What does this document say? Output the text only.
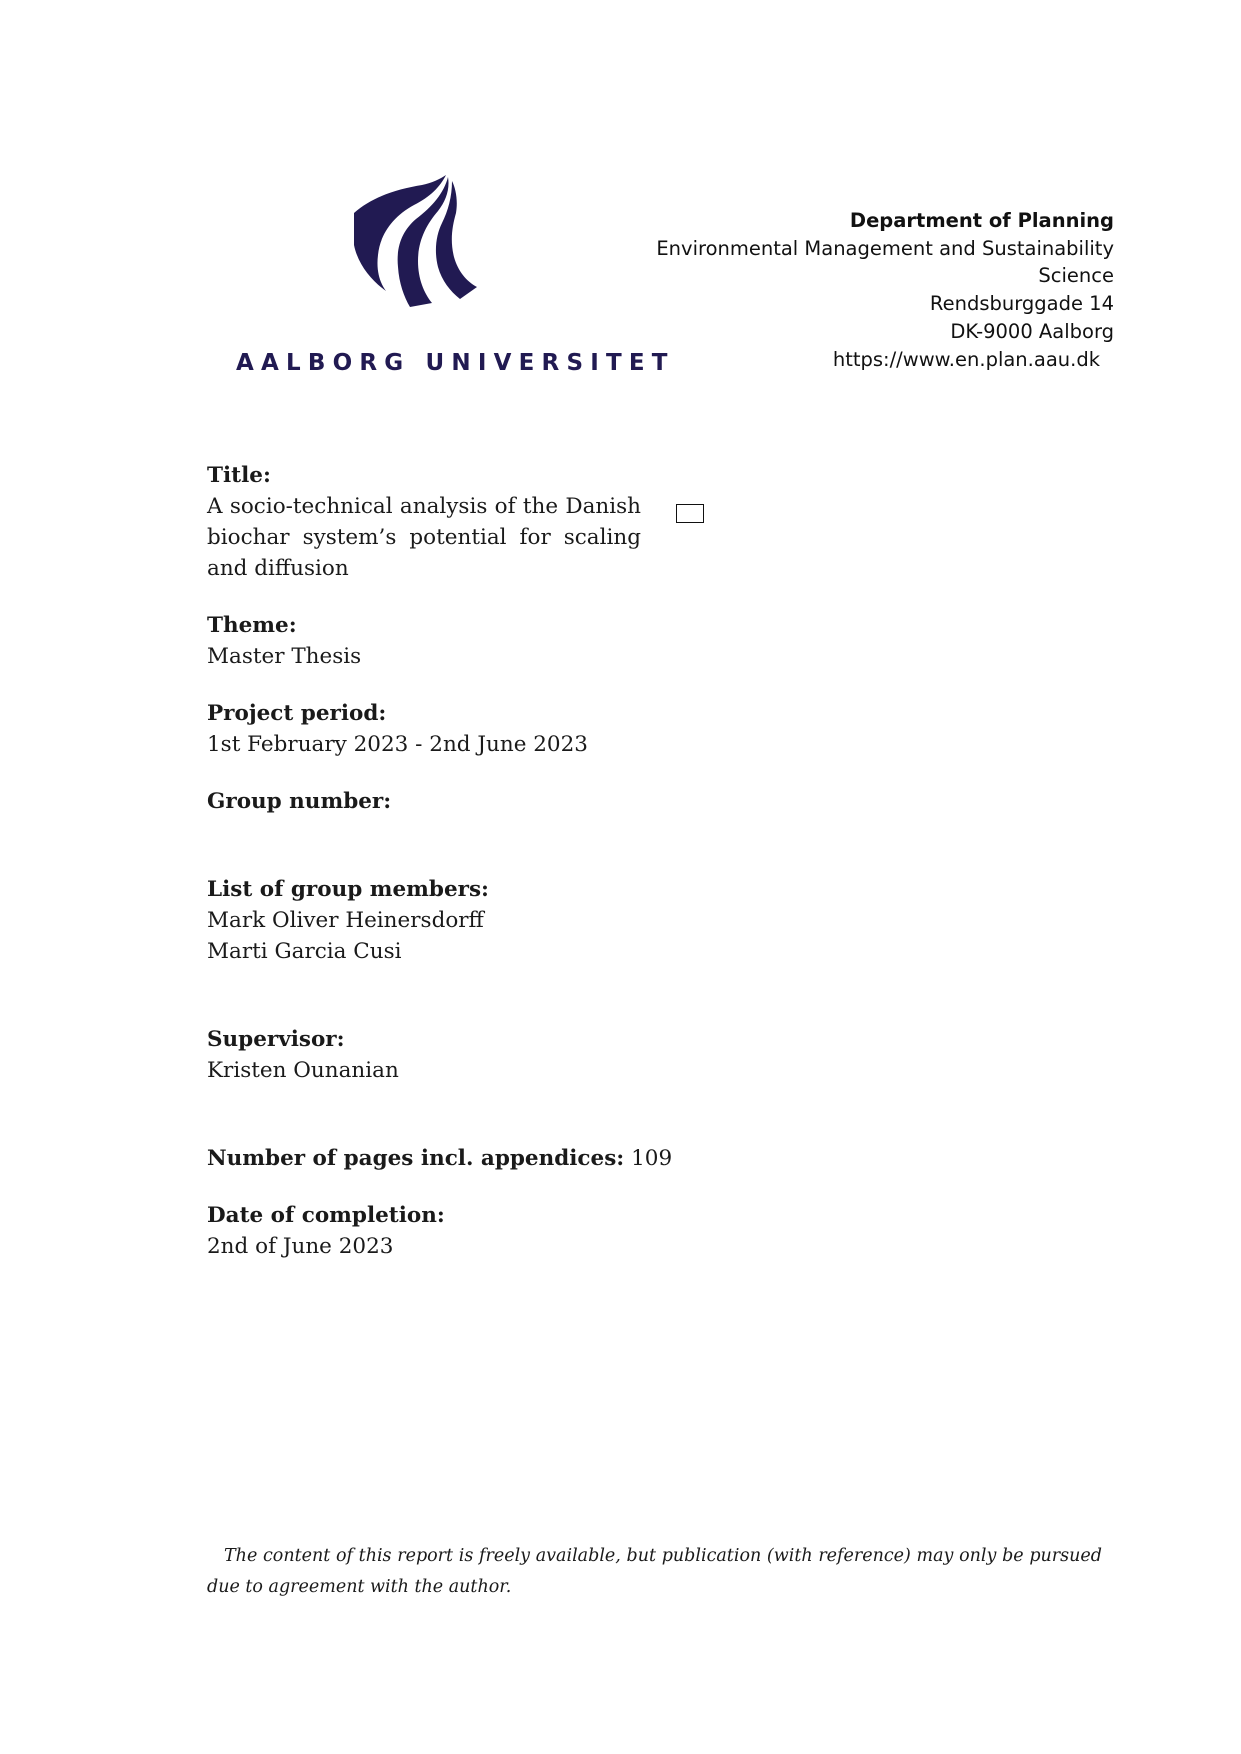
AALBORG UNIVERSITET
Department of Planning
Environmental Management and Sustainability
Science
Rendsburggade 14
DK-9000 Aalborg
https://www.en.plan.aau.dk
Title:
A socio-technical analysis of the Danish biochar system’s potential for scaling and diffusion
Theme:
Master Thesis
Project period:
1st February 2023 - 2nd June 2023
Group number:
List of group members:
Mark Oliver Heinersdorff
Marti Garcia Cusi
Supervisor:
Kristen Ounanian
Number of pages incl. appendices: 109
Date of completion:
2nd of June 2023
The content of this report is freely available, but publication (with reference) may only be pursued due to agreement with the author.
